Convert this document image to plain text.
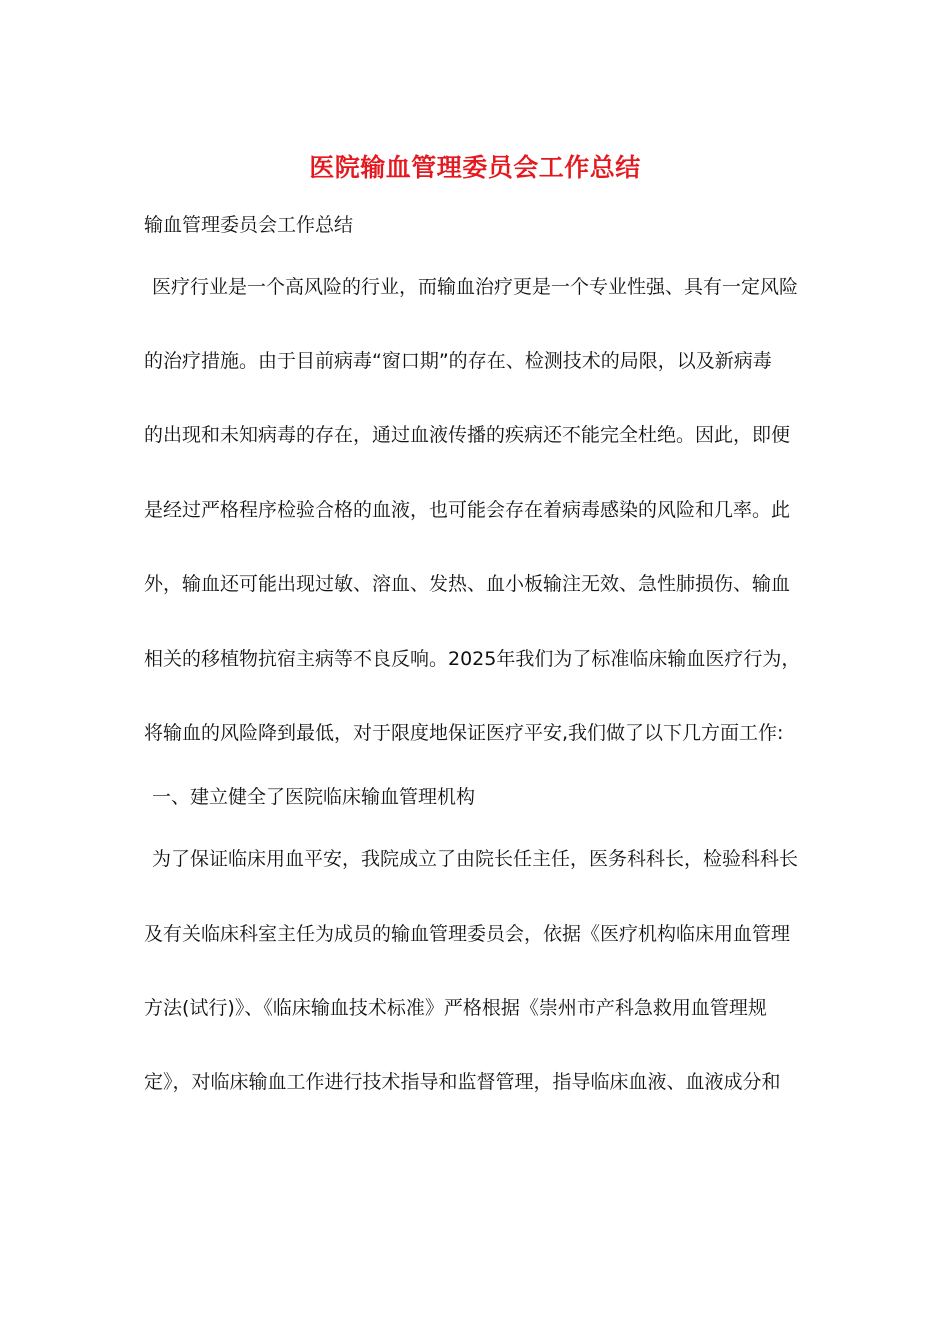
医院输血管理委员会工作总结
输血管理委员会工作总结
医疗行业是一个高风险的行业，而输血治疗更是一个专业性强、具有一定风险
的治疗措施。由于目前病毒“窗口期”的存在、检测技术的局限，以及新病毒
的出现和未知病毒的存在，通过血液传播的疾病还不能完全杜绝。因此，即便
是经过严格程序检验合格的血液，也可能会存在着病毒感染的风险和几率。此
外，输血还可能出现过敏、溶血、发热、血小板输注无效、急性肺损伤、输血
相关的移植物抗宿主病等不良反响。2025年我们为了标准临床输血医疗行为，
将输血的风险降到最低，对于限度地保证医疗平安,我们做了以下几方面工作:
一、建立健全了医院临床输血管理机构
为了保证临床用血平安，我院成立了由院长任主任，医务科科长，检验科科长
及有关临床科室主任为成员的输血管理委员会，依据《医疗机构临床用血管理
方法(试行)》、《临床输血技术标准》严格根据《崇州市产科急救用血管理规
定》，对临床输血工作进行技术指导和监督管理，指导临床血液、血液成分和
